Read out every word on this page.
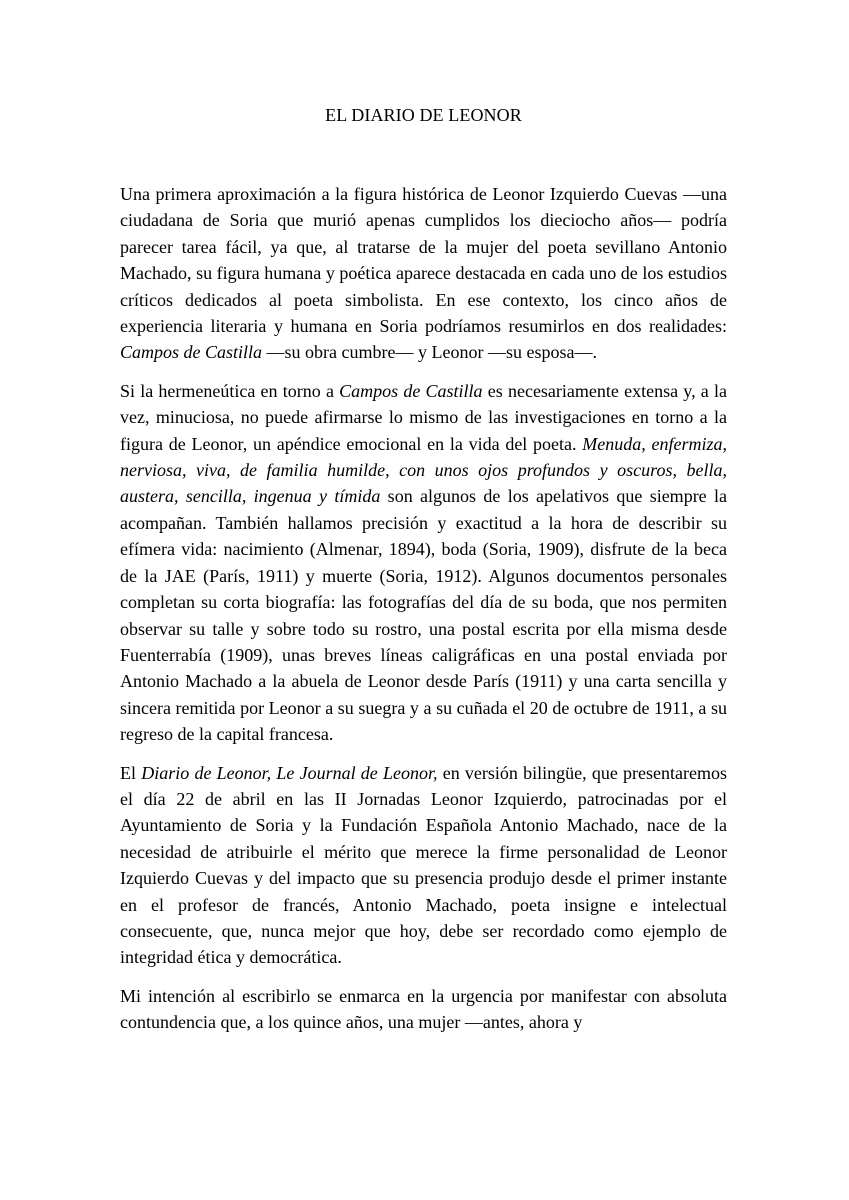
EL DIARIO DE LEONOR

Una primera aproximación a la figura histórica de Leonor Izquierdo Cuevas —una ciudadana de Soria que murió apenas cumplidos los dieciocho años— podría parecer tarea fácil, ya que, al tratarse de la mujer del poeta sevillano Antonio Machado, su figura humana y poética aparece destacada en cada uno de los estudios críticos dedicados al poeta simbolista. En ese contexto, los cinco años de experiencia literaria y humana en Soria podríamos resumirlos en dos realidades: Campos de Castilla —su obra cumbre— y Leonor —su esposa—.

Si la hermeneútica en torno a Campos de Castilla es necesariamente extensa y, a la vez, minuciosa, no puede afirmarse lo mismo de las investigaciones en torno a la figura de Leonor, un apéndice emocional en la vida del poeta. Menuda, enfermiza, nerviosa, viva, de familia humilde, con unos ojos profundos y oscuros, bella, austera, sencilla, ingenua y tímida son algunos de los apelativos que siempre la acompañan. También hallamos precisión y exactitud a la hora de describir su efímera vida: nacimiento (Almenar, 1894), boda (Soria, 1909), disfrute de la beca de la JAE (París, 1911) y muerte (Soria, 1912). Algunos documentos personales completan su corta biografía: las fotografías del día de su boda, que nos permiten observar su talle y sobre todo su rostro, una postal escrita por ella misma desde Fuenterrabía (1909), unas breves líneas caligráficas en una postal enviada por Antonio Machado a la abuela de Leonor desde París (1911) y una carta sencilla y sincera remitida por Leonor a su suegra y a su cuñada el 20 de octubre de 1911, a su regreso de la capital francesa.

El Diario de Leonor, Le Journal de Leonor, en versión bilingüe, que presentaremos el día 22 de abril en las II Jornadas Leonor Izquierdo, patrocinadas por el Ayuntamiento de Soria y la Fundación Española Antonio Machado, nace de la necesidad de atribuirle el mérito que merece la firme personalidad de Leonor Izquierdo Cuevas y del impacto que su presencia produjo desde el primer instante en el profesor de francés, Antonio Machado, poeta insigne e intelectual consecuente, que, nunca mejor que hoy, debe ser recordado como ejemplo de integridad ética y democrática.

Mi intención al escribirlo se enmarca en la urgencia por manifestar con absoluta contundencia que, a los quince años, una mujer —antes, ahora y
